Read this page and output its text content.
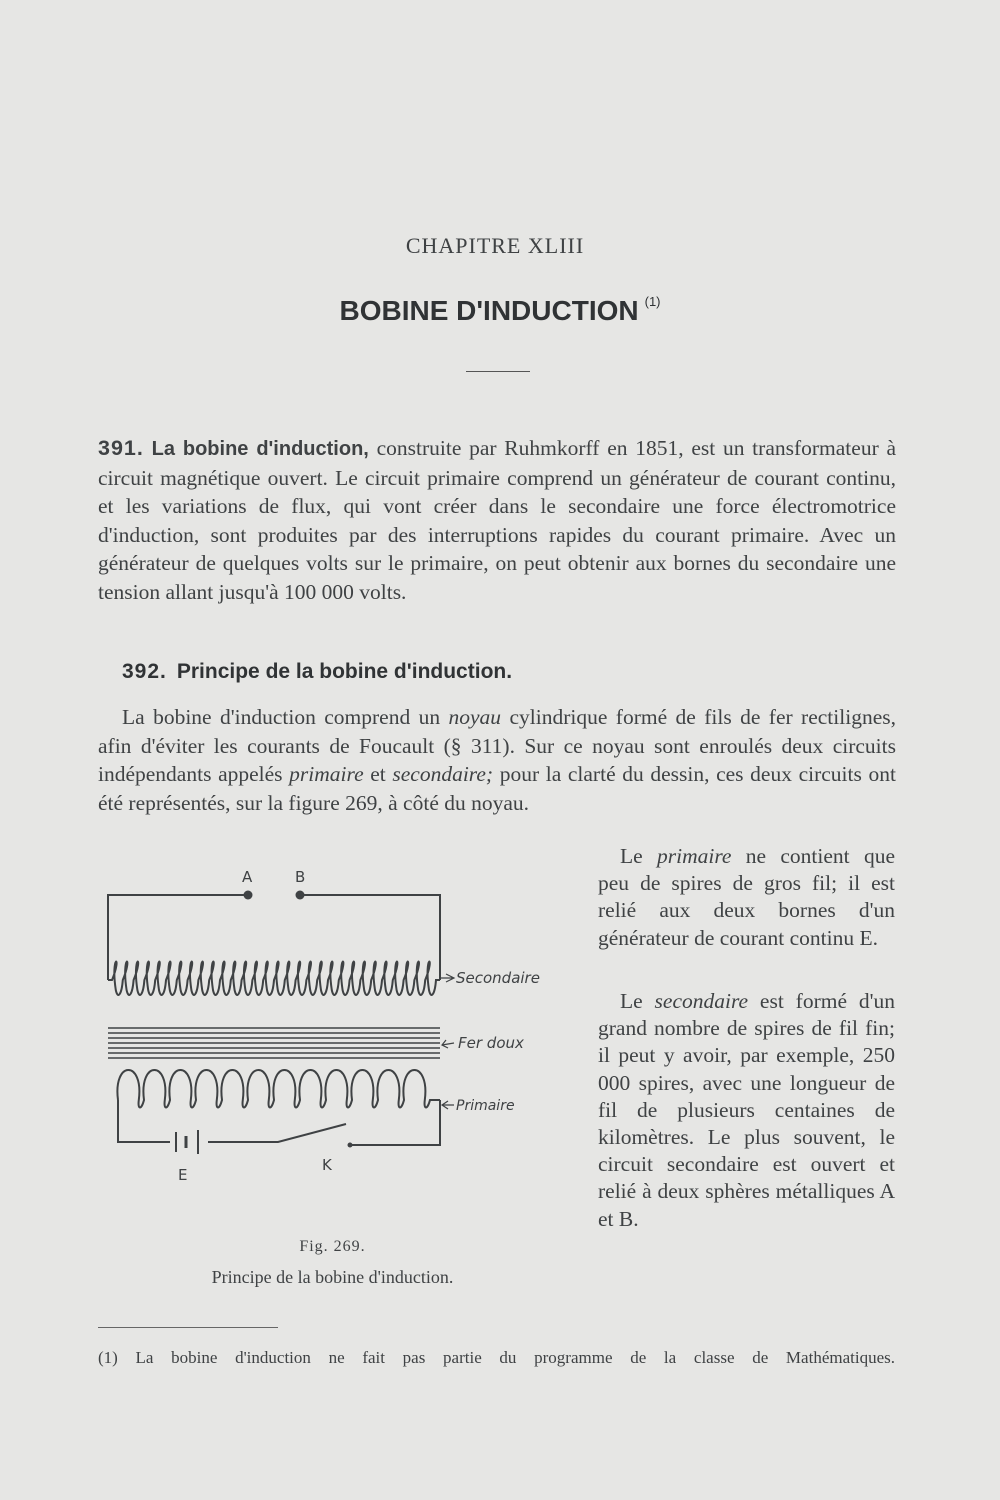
CHAPITRE XLIII
BOBINE D'INDUCTION $^{(1)}$

391. La bobine d'induction, construite par Ruhmkorff en 1851, est un transformateur à circuit magnétique ouvert. Le circuit primaire comprend un générateur de courant continu, et les variations de flux, qui vont créer dans le secondaire une force électromotrice d'induction, sont produites par des interruptions rapides du courant primaire. Avec un générateur de quelques volts sur le primaire, on peut obtenir aux bornes du secondaire une tension allant jusqu'à 100 000 volts.

392. Principe de la bobine d'induction.

La bobine d'induction comprend un noyau cylindrique formé de fils de fer rectilignes, afin d'éviter les courants de Foucault (§ 311). Sur ce noyau sont enroulés deux circuits indépendants appelés primaire et secondaire; pour la clarté du dessin, ces deux circuits ont été représentés, sur la figure 269, à côté du noyau.

Le primaire ne contient que peu de spires de gros fil; il est relié aux deux bornes d'un générateur de courant continu E.

Le secondaire est formé d'un grand nombre de spires de fil fin; il peut y avoir, par exemple, 250 000 spires, avec une longueur de fil de plusieurs centaines de kilomètres. Le plus souvent, le circuit secondaire est ouvert et relié à deux sphères métalliques A et B.

A	B
E
K
Secondaire
Fer doux
Primaire
Fig. 269.
Principe de la bobine d'induction.

(1) La bobine d'induction ne fait pas partie du programme de la classe de Mathématiques.
